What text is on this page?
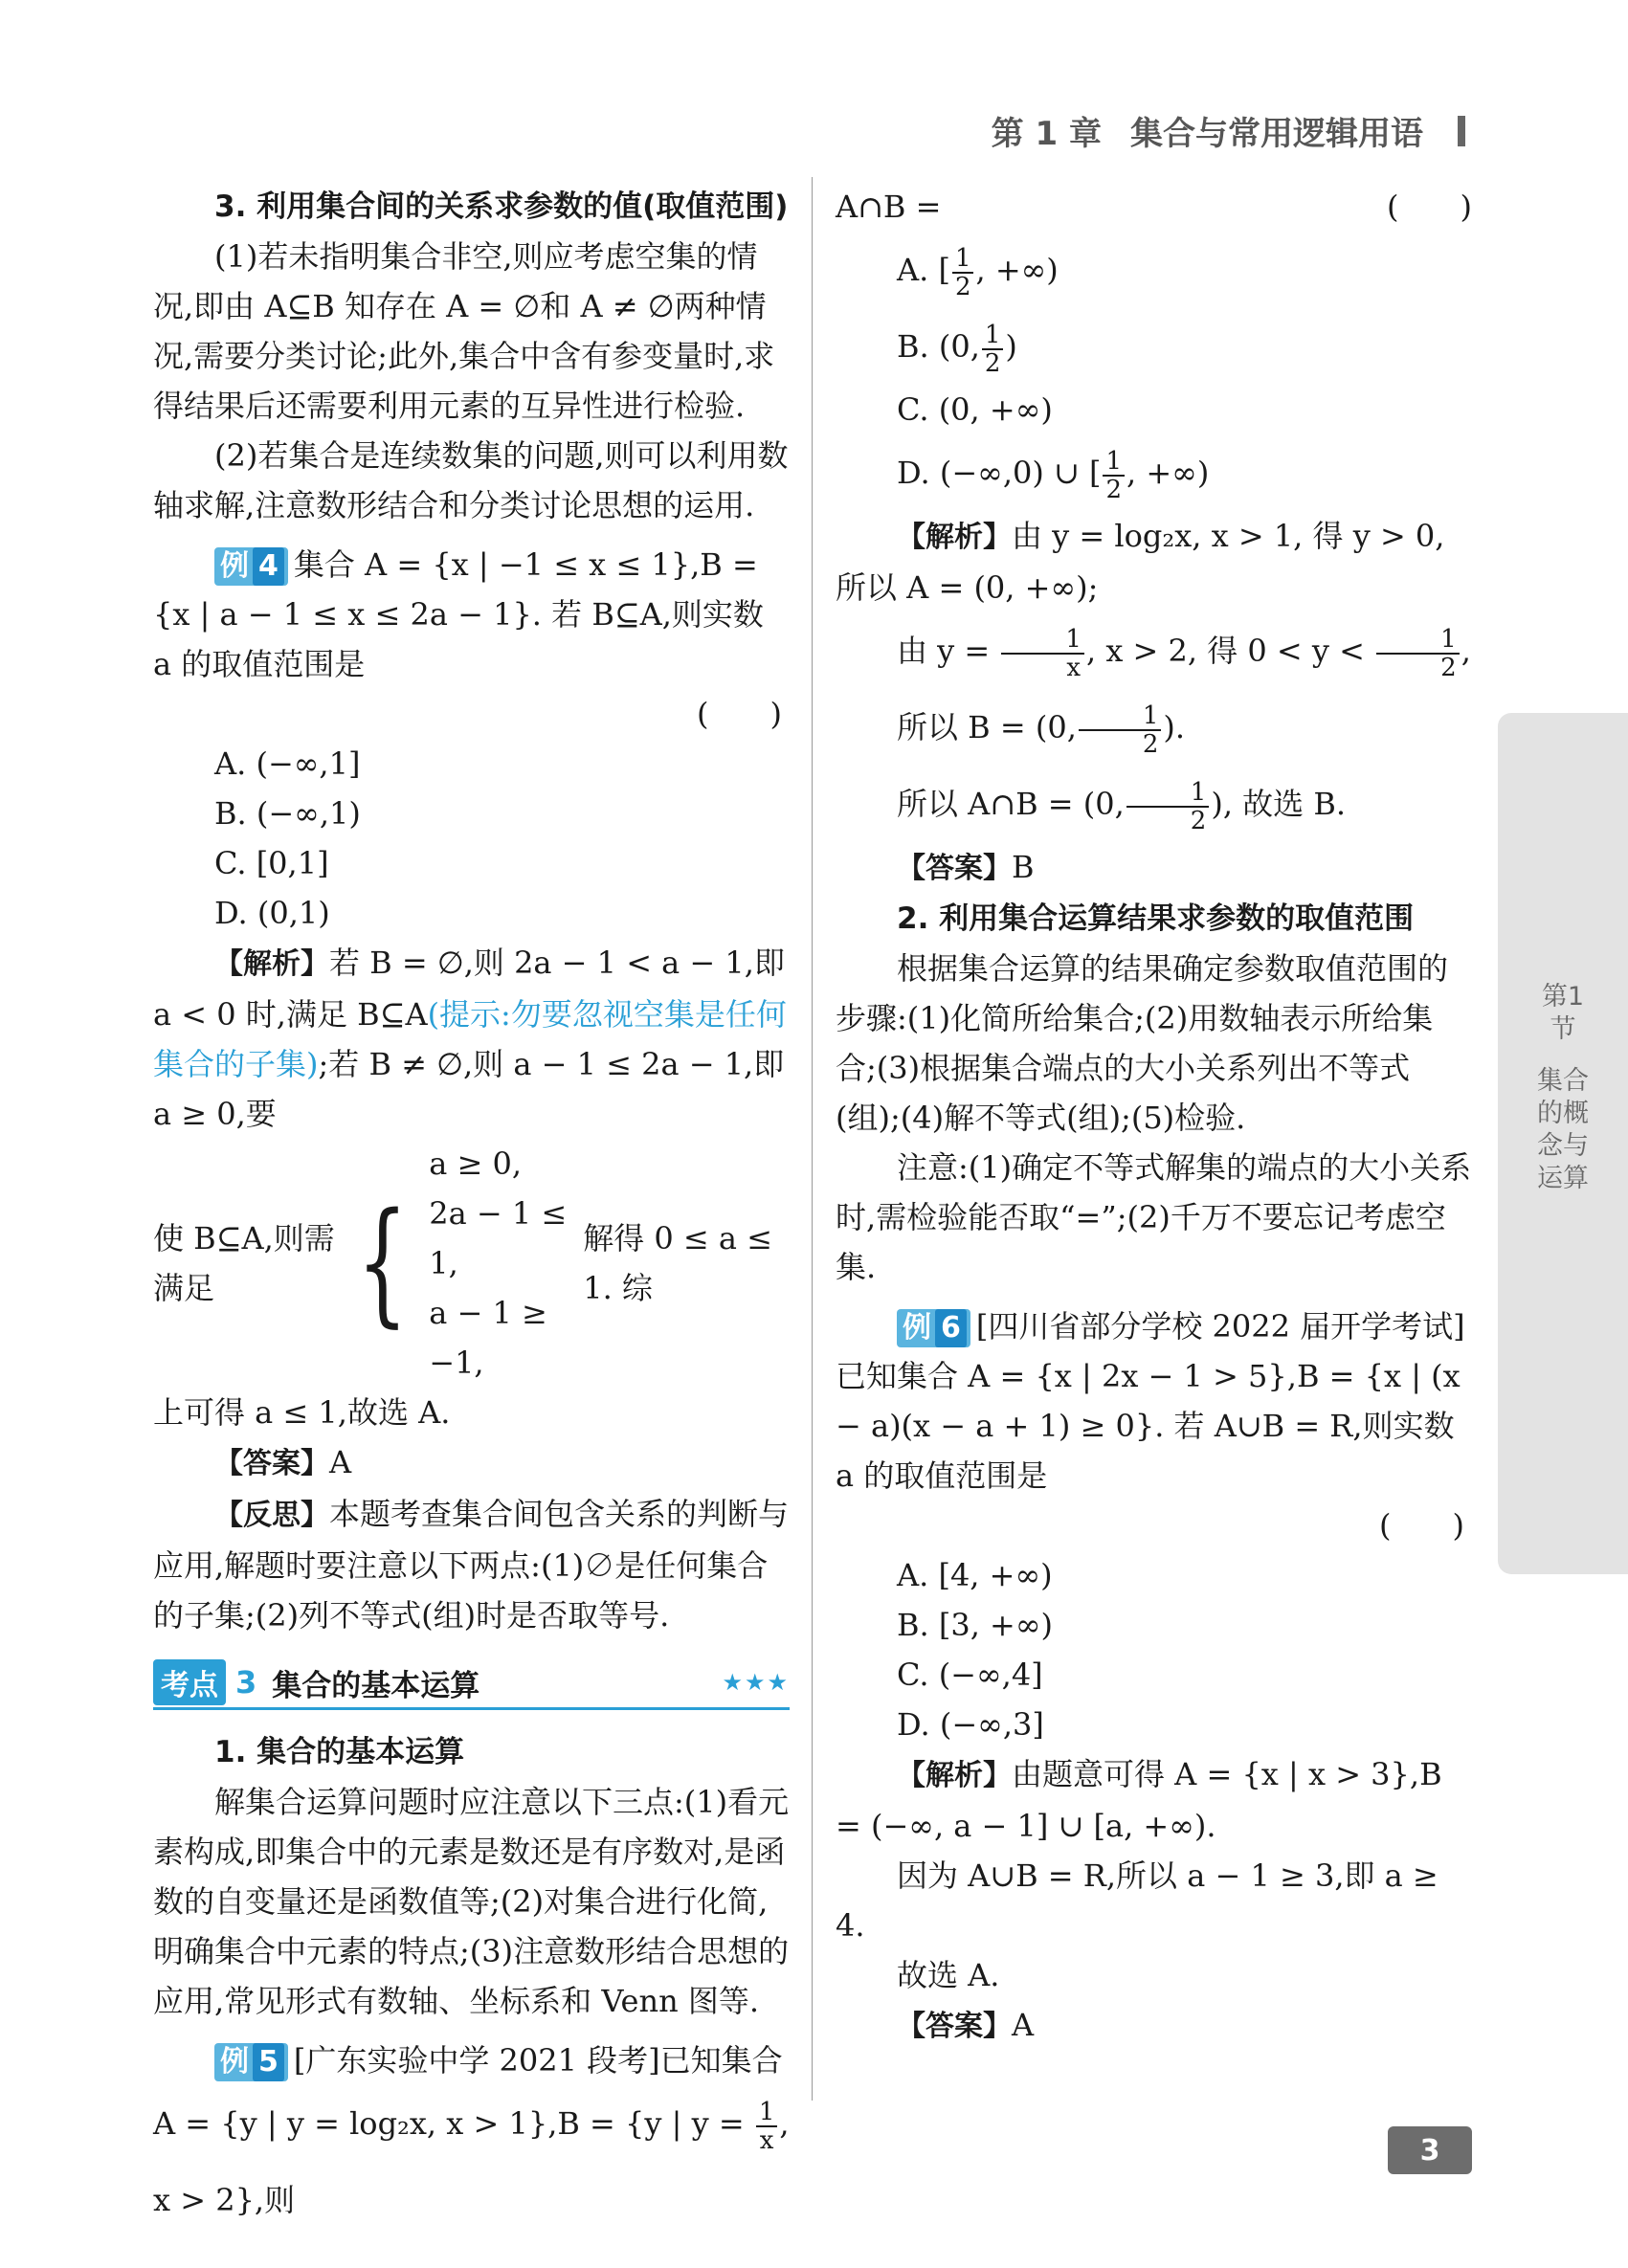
第 1 章 集合与常用逻辑用语
第1节
集合的概念与运算
3. 利用集合间的关系求参数的值(取值范围)

(1)若未指明集合非空,则应考虑空集的情况,即由 A⊆B 知存在 A = ∅和 A ≠ ∅两种情况,需要分类讨论;此外,集合中含有参变量时,求得结果后还需要利用元素的互异性进行检验.

(2)若集合是连续数集的问题,则可以利用数轴求解,注意数形结合和分类讨论思想的运用.

例 4 集合 A = {x | −1 ≤ x ≤ 1},B = {x | a − 1 ≤ x ≤ 2a − 1}. 若 B⊆A,则实数 a 的取值范围是

(　　)
A. (−∞,1]
B. (−∞,1)
C. [0,1]
D. (0,1)

【解析】若 B = ∅,则 2a − 1 < a − 1,即 a < 0 时,满足 B⊆A(提示:勿要忽视空集是任何集合的子集);若 B ≠ ∅,则 a − 1 ≤ 2a − 1,即 a ≥ 0,要

使 B⊆A,则需满足	{
a ≥ 0,
2a − 1 ≤ 1,
a − 1 ≥ −1,
解得 0 ≤ a ≤ 1. 综

上可得 a ≤ 1,故选 A.

【答案】A

【反思】本题考查集合间包含关系的判断与应用,解题时要注意以下两点:(1)∅是任何集合的子集;(2)列不等式(组)时是否取等号.

考点 3 集合的基本运算	★★★
1. 集合的基本运算

解集合运算问题时应注意以下三点:(1)看元素构成,即集合中的元素是数还是有序数对,是函数的自变量还是函数值等;(2)对集合进行化简,明确集合中元素的特点;(3)注意数形结合思想的应用,常见形式有数轴、坐标系和 Venn 图等.

例 5 [广东实验中学 2021 段考]已知集合

A = {y | y = log₂x, x > 1},B = {y | $y = \frac{1}{x}$ , x > 2},则

A∩B =	(　　)
A. [ $\frac{1}{2}$ , +∞)
B. (0, $\frac{1}{2}$ )
C. (0, +∞)
D. (−∞,0) ∪ [ $\frac{1}{2}$ , +∞)

【解析】由 y = log₂x, x > 1, 得 y > 0, 所以 A = (0, +∞);

由 $y = \frac{1}{x}$ , x > 2, 得 $0 < y < \frac{1}{2}$ ,

所以 B = (0, $\frac{1}{2}$ ).

所以 A∩B = (0, $\frac{1}{2}$ ), 故选 B.

【答案】B

2. 利用集合运算结果求参数的取值范围

根据集合运算的结果确定参数取值范围的步骤:(1)化简所给集合;(2)用数轴表示所给集合;(3)根据集合端点的大小关系列出不等式(组);(4)解不等式(组);(5)检验.

注意:(1)确定不等式解集的端点的大小关系时,需检验能否取“=”;(2)千万不要忘记考虑空集.

例 6 [四川省部分学校 2022 届开学考试]已知集合 A = {x | 2x − 1 > 5},B = {x | (x − a)(x − a + 1) ≥ 0}. 若 A∪B = R,则实数 a 的取值范围是

(　　)
A. [4, +∞)
B. [3, +∞)
C. (−∞,4]
D. (−∞,3]

【解析】由题意可得 A = {x | x > 3},B = (−∞, a − 1] ∪ [a, +∞).

因为 A∪B = R,所以 a − 1 ≥ 3,即 a ≥ 4.

故选 A.

【答案】A

3
